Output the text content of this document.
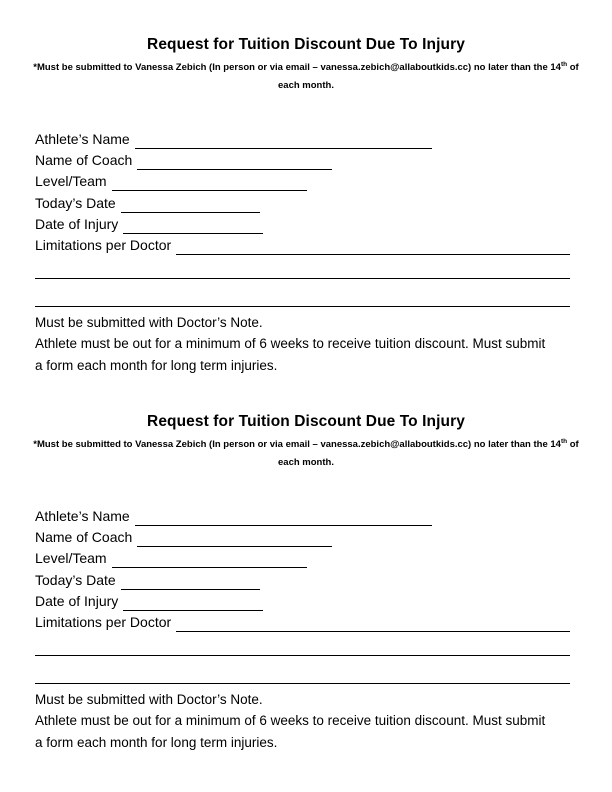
Request for Tuition Discount Due To Injury

*Must be submitted to Vanessa Zebich (In person or via email – vanessa.zebich@allaboutkids.cc) no later than the 14th of each month.

Athlete’s Name
Name of Coach
Level/Team
Today’s Date
Date of Injury
Limitations per Doctor

Must be submitted with Doctor’s Note.

Athlete must be out for a minimum of 6 weeks to receive tuition discount. Must submit a form each month for long term injuries.

Request for Tuition Discount Due To Injury

*Must be submitted to Vanessa Zebich (In person or via email – vanessa.zebich@allaboutkids.cc) no later than the 14th of each month.

Athlete’s Name
Name of Coach
Level/Team
Today’s Date
Date of Injury
Limitations per Doctor

Must be submitted with Doctor’s Note.

Athlete must be out for a minimum of 6 weeks to receive tuition discount. Must submit a form each month for long term injuries.
